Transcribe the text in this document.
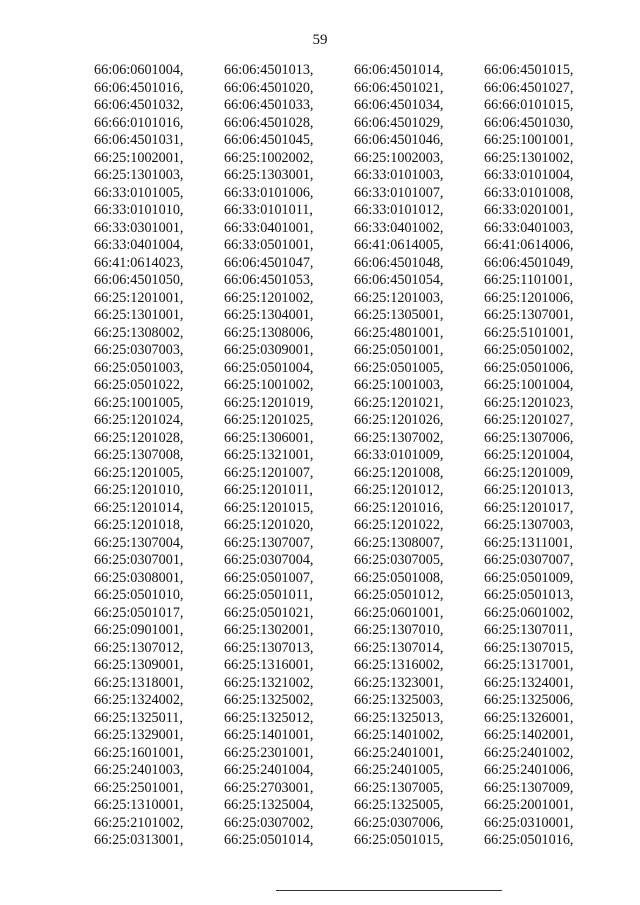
59
66:06:0601004,	66:06:4501013,	66:06:4501014,	66:06:4501015,
66:06:4501016,	66:06:4501020,	66:06:4501021,	66:06:4501027,
66:06:4501032,	66:06:4501033,	66:06:4501034,	66:66:0101015,
66:66:0101016,	66:06:4501028,	66:06:4501029,	66:06:4501030,
66:06:4501031,	66:06:4501045,	66:06:4501046,	66:25:1001001,
66:25:1002001,	66:25:1002002,	66:25:1002003,	66:25:1301002,
66:25:1301003,	66:25:1303001,	66:33:0101003,	66:33:0101004,
66:33:0101005,	66:33:0101006,	66:33:0101007,	66:33:0101008,
66:33:0101010,	66:33:0101011,	66:33:0101012,	66:33:0201001,
66:33:0301001,	66:33:0401001,	66:33:0401002,	66:33:0401003,
66:33:0401004,	66:33:0501001,	66:41:0614005,	66:41:0614006,
66:41:0614023,	66:06:4501047,	66:06:4501048,	66:06:4501049,
66:06:4501050,	66:06:4501053,	66:06:4501054,	66:25:1101001,
66:25:1201001,	66:25:1201002,	66:25:1201003,	66:25:1201006,
66:25:1301001,	66:25:1304001,	66:25:1305001,	66:25:1307001,
66:25:1308002,	66:25:1308006,	66:25:4801001,	66:25:5101001,
66:25:0307003,	66:25:0309001,	66:25:0501001,	66:25:0501002,
66:25:0501003,	66:25:0501004,	66:25:0501005,	66:25:0501006,
66:25:0501022,	66:25:1001002,	66:25:1001003,	66:25:1001004,
66:25:1001005,	66:25:1201019,	66:25:1201021,	66:25:1201023,
66:25:1201024,	66:25:1201025,	66:25:1201026,	66:25:1201027,
66:25:1201028,	66:25:1306001,	66:25:1307002,	66:25:1307006,
66:25:1307008,	66:25:1321001,	66:33:0101009,	66:25:1201004,
66:25:1201005,	66:25:1201007,	66:25:1201008,	66:25:1201009,
66:25:1201010,	66:25:1201011,	66:25:1201012,	66:25:1201013,
66:25:1201014,	66:25:1201015,	66:25:1201016,	66:25:1201017,
66:25:1201018,	66:25:1201020,	66:25:1201022,	66:25:1307003,
66:25:1307004,	66:25:1307007,	66:25:1308007,	66:25:1311001,
66:25:0307001,	66:25:0307004,	66:25:0307005,	66:25:0307007,
66:25:0308001,	66:25:0501007,	66:25:0501008,	66:25:0501009,
66:25:0501010,	66:25:0501011,	66:25:0501012,	66:25:0501013,
66:25:0501017,	66:25:0501021,	66:25:0601001,	66:25:0601002,
66:25:0901001,	66:25:1302001,	66:25:1307010,	66:25:1307011,
66:25:1307012,	66:25:1307013,	66:25:1307014,	66:25:1307015,
66:25:1309001,	66:25:1316001,	66:25:1316002,	66:25:1317001,
66:25:1318001,	66:25:1321002,	66:25:1323001,	66:25:1324001,
66:25:1324002,	66:25:1325002,	66:25:1325003,	66:25:1325006,
66:25:1325011,	66:25:1325012,	66:25:1325013,	66:25:1326001,
66:25:1329001,	66:25:1401001,	66:25:1401002,	66:25:1402001,
66:25:1601001,	66:25:2301001,	66:25:2401001,	66:25:2401002,
66:25:2401003,	66:25:2401004,	66:25:2401005,	66:25:2401006,
66:25:2501001,	66:25:2703001,	66:25:1307005,	66:25:1307009,
66:25:1310001,	66:25:1325004,	66:25:1325005,	66:25:2001001,
66:25:2101002,	66:25:0307002,	66:25:0307006,	66:25:0310001,
66:25:0313001,	66:25:0501014,	66:25:0501015,	66:25:0501016,
